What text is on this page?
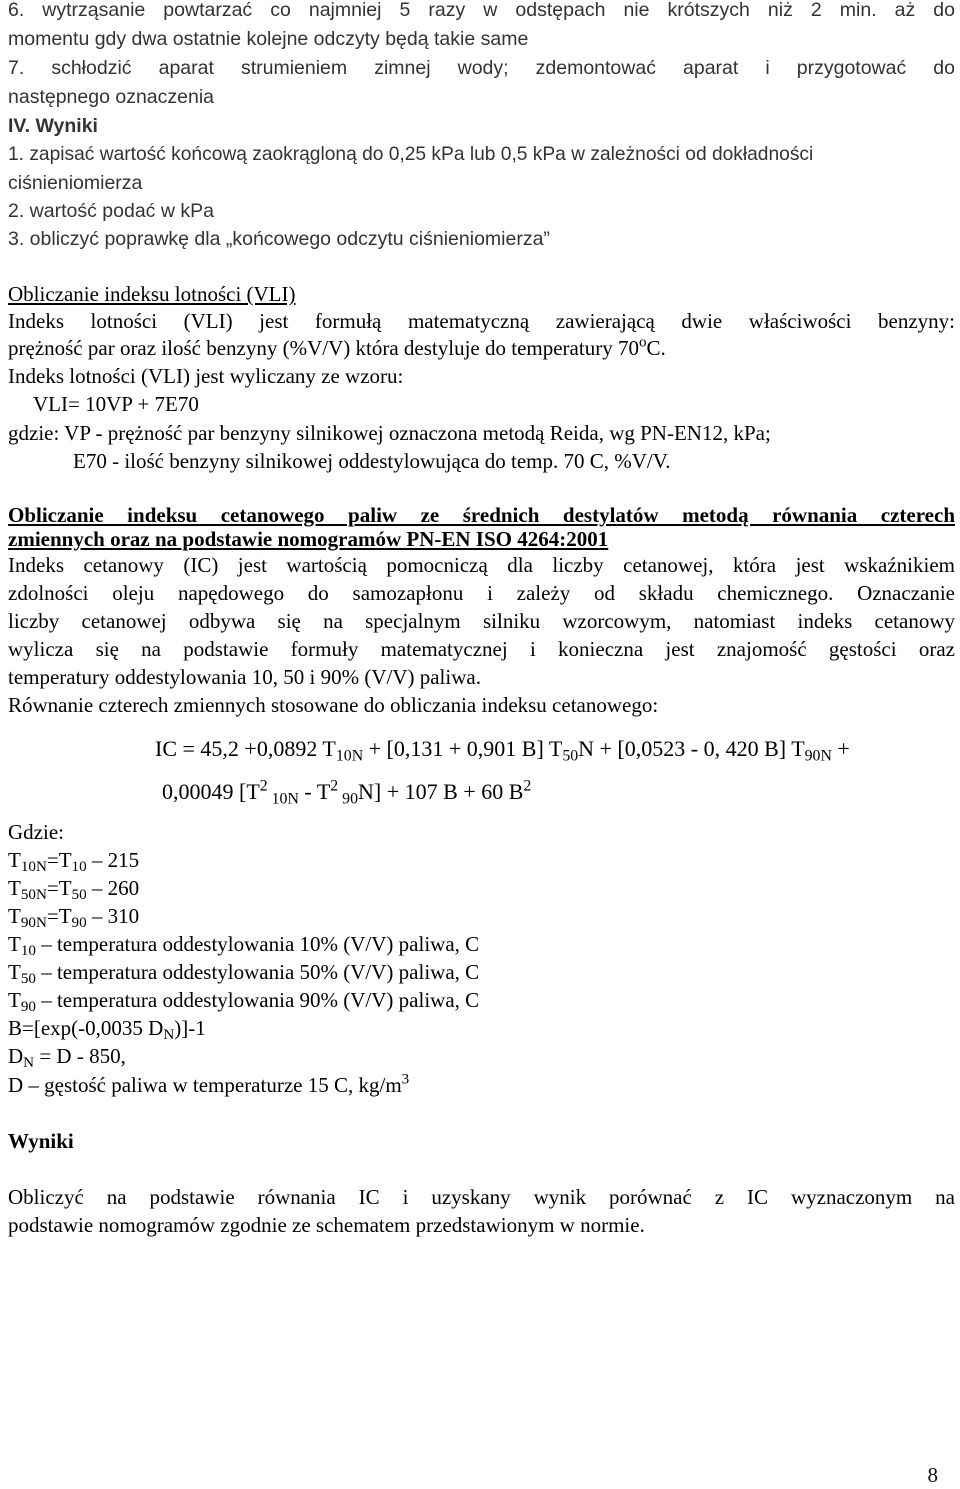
6. wytrząsanie powtarzać co najmniej 5 razy w odstępach nie krótszych niż 2 min. aż do
momentu gdy dwa ostatnie kolejne odczyty będą takie same
7. schłodzić aparat strumieniem zimnej wody; zdemontować aparat i przygotować do
następnego oznaczenia
IV. Wyniki
1. zapisać wartość końcową zaokrągloną do 0,25 kPa lub 0,5 kPa w zależności od dokładności
ciśnieniomierza
2. wartość podać w kPa
3. obliczyć poprawkę dla „końcowego odczytu ciśnieniomierza”
Obliczanie indeksu lotności (VLI)
Indeks lotności (VLI) jest formułą matematyczną zawierającą dwie właściwości benzyny:
prężność par oraz ilość benzyny (%V/V) która destyluje do temperatury 70$^o$C.
Indeks lotności (VLI) jest wyliczany ze wzoru:
VLI= 10VP + 7E70
gdzie: VP - prężność par benzyny silnikowej oznaczona metodą Reida, wg PN-EN12, kPa;
E70 - ilość benzyny silnikowej oddestylowująca do temp. 70 C, %V/V.
Obliczanie indeksu cetanowego paliw ze średnich destylatów metodą równania czterech
zmiennych oraz na podstawie nomogramów PN-EN ISO 4264:2001
Indeks cetanowy (IC) jest wartością pomocniczą dla liczby cetanowej, która jest wskaźnikiem
zdolności oleju napędowego do samozapłonu i zależy od składu chemicznego. Oznaczanie
liczby cetanowej odbywa się na specjalnym silniku wzorcowym, natomiast indeks cetanowy
wylicza się na podstawie formuły matematycznej i konieczna jest znajomość gęstości oraz
temperatury oddestylowania 10, 50 i 90% (V/V) paliwa.
Równanie czterech zmiennych stosowane do obliczania indeksu cetanowego:
IC = 45,2 +0,0892 $T_{10N} + [0,131 + 0,901$ B] $T_{50}N + [0,0523 - 0$, 420 B] $T_{90N}$ +
0,00049 [$T^2$ $_{10N} - T^2$ $_{90}$N] + 107 B + 60 $B^2$
Gdzie:
$T_{10N}=T_{10} - 215$
$T_{50N}=T_{50} - 260$
$T_{90N}=T_{90} - 310$
$T_{10}$ – temperatura oddestylowania 10% (V/V) paliwa, C
$T_{50}$ – temperatura oddestylowania 50% (V/V) paliwa, C
$T_{90}$ – temperatura oddestylowania 90% (V/V) paliwa, C
B=[exp(-0,0035 $D_N)]-1$
$D_N = D - 850$,
D – gęstość paliwa w temperaturze 15 C, $kg/m^3$
Wyniki
Obliczyć na podstawie równania IC i uzyskany wynik porównać z IC wyznaczonym na
podstawie nomogramów zgodnie ze schematem przedstawionym w normie.
8
